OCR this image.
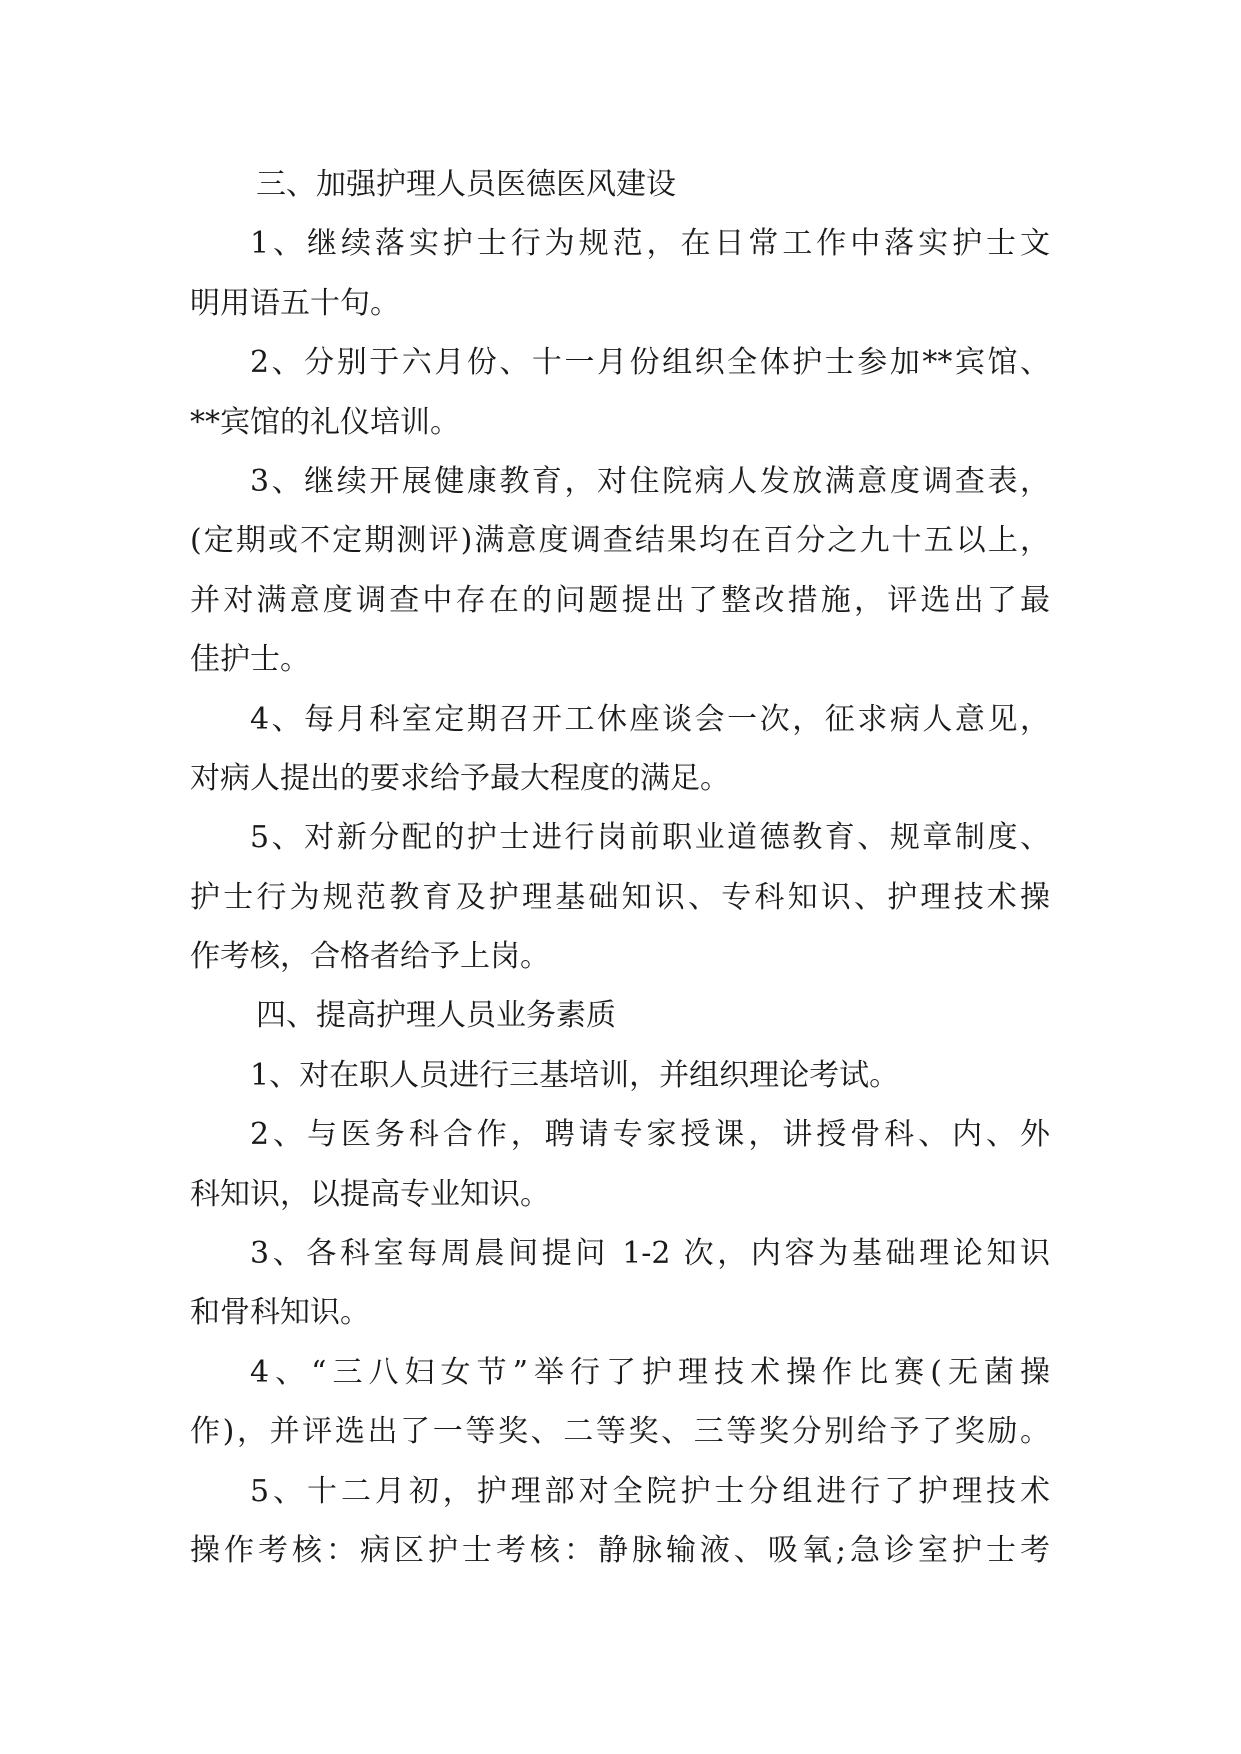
三、加强护理人员医德医风建设
1、继续落实护士行为规范，在日常工作中落实护士文
明用语五十句。
2、分别于六月份、十一月份组织全体护士参加**宾馆、
**宾馆的礼仪培训。
3、继续开展健康教育，对住院病人发放满意度调查表，
(定期或不定期测评)满意度调查结果均在百分之九十五以上，
并对满意度调查中存在的问题提出了整改措施，评选出了最
佳护士。
4、每月科室定期召开工休座谈会一次，征求病人意见，
对病人提出的要求给予最大程度的满足。
5、对新分配的护士进行岗前职业道德教育、规章制度、
护士行为规范教育及护理基础知识、专科知识、护理技术操
作考核，合格者给予上岗。
四、提高护理人员业务素质
1、对在职人员进行三基培训，并组织理论考试。
2、与医务科合作，聘请专家授课，讲授骨科、内、外
科知识，以提高专业知识。
3、各科室每周晨间提问 1-2 次，内容为基础理论知识
和骨科知识。
4、“三八妇女节”举行了护理技术操作比赛(无菌操
作)，并评选出了一等奖、二等奖、三等奖分别给予了奖励。
5、十二月初，护理部对全院护士分组进行了护理技术
操作考核：病区护士考核：静脉输液、吸氧;急诊室护士考
